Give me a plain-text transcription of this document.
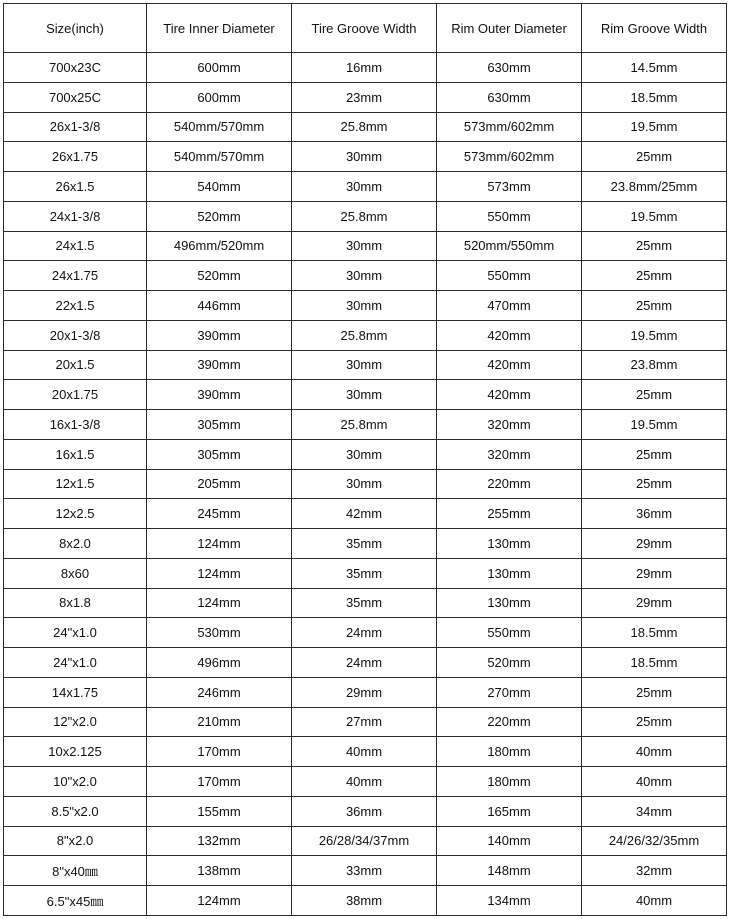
Size(inch)	Tire Inner Diameter	Tire Groove Width	Rim Outer Diameter	Rim Groove Width
700x23C	600mm	16mm	630mm	14.5mm
700x25C	600mm	23mm	630mm	18.5mm
26x1-3/8	540mm/570mm	25.8mm	573mm/602mm	19.5mm
26x1.75	540mm/570mm	30mm	573mm/602mm	25mm
26x1.5	540mm	30mm	573mm	23.8mm/25mm
24x1-3/8	520mm	25.8mm	550mm	19.5mm
24x1.5	496mm/520mm	30mm	520mm/550mm	25mm
24x1.75	520mm	30mm	550mm	25mm
22x1.5	446mm	30mm	470mm	25mm
20x1-3/8	390mm	25.8mm	420mm	19.5mm
20x1.5	390mm	30mm	420mm	23.8mm
20x1.75	390mm	30mm	420mm	25mm
16x1-3/8	305mm	25.8mm	320mm	19.5mm
16x1.5	305mm	30mm	320mm	25mm
12x1.5	205mm	30mm	220mm	25mm
12x2.5	245mm	42mm	255mm	36mm
8x2.0	124mm	35mm	130mm	29mm
8x60	124mm	35mm	130mm	29mm
8x1.8	124mm	35mm	130mm	29mm
24"x1.0	530mm	24mm	550mm	18.5mm
24"x1.0	496mm	24mm	520mm	18.5mm
14x1.75	246mm	29mm	270mm	25mm
12"x2.0	210mm	27mm	220mm	25mm
10x2.125	170mm	40mm	180mm	40mm
10"x2.0	170mm	40mm	180mm	40mm
8.5"x2.0	155mm	36mm	165mm	34mm
8"x2.0	132mm	26/28/34/37mm	140mm	24/26/32/35mm
8"x40㎜	138mm	33mm	148mm	32mm
6.5"x45㎜	124mm	38mm	134mm	40mm
